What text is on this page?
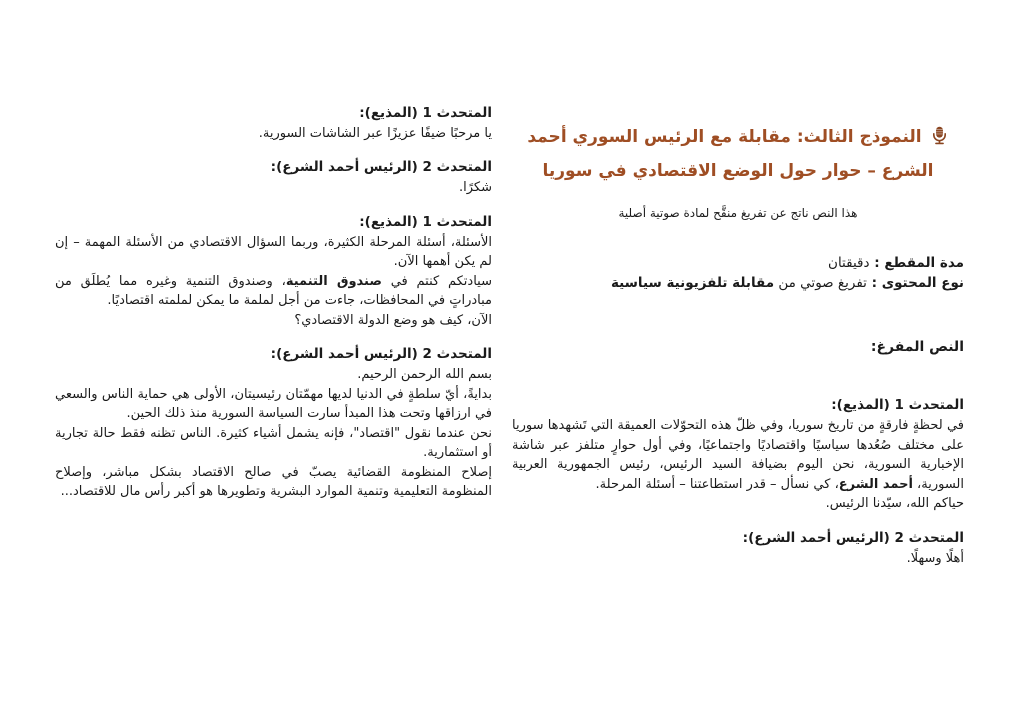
النموذج الثالث: مقابلة مع الرئيس السوري أحمد الشرع – حوار حول الوضع الاقتصادي في سوريا

هذا النص ناتج عن تفريغ منقَّح لمادة صوتية أصلية

مدة المقطع : دقيقتان

نوع المحتوى : تفريغ صوتي من مقابلة تلفزيونية سياسية

النص المفرغ:

المتحدث 1 (المذيع):

في لحظةٍ فارقةٍ من تاريخ سوريا، وفي ظلّ هذه التحوّلات العميقة التي تَشهدها سوريا على مختلف صُعُدها سياسيًا واقتصاديًا واجتماعيًا، وفي أول حوارٍ متلفز عبر شاشة الإخبارية السورية، نحن اليوم بضيافة السيد الرئيس، رئيس الجمهورية العربية السورية، أحمد الشرع، كي نسأل – قدر استطاعتنا – أسئلة المرحلة.

حياكم الله، سيّدنا الرئيس.

المتحدث 2 (الرئيس أحمد الشرع):

أهلًا وسهلًا.

المتحدث 1 (المذيع):

يا مرحبًا ضيفًا عزيزًا عبر الشاشات السورية.

المتحدث 2 (الرئيس أحمد الشرع):

شكرًا.

المتحدث 1 (المذيع):

الأسئلة، أسئلة المرحلة الكثيرة، وربما السؤال الاقتصادي من الأسئلة المهمة – إن لم يكن أهمها الآن.

سيادتكم كنتم في صندوق التنمية، وصندوق التنمية وغيره مما يُطلَق من مبادراتٍ في المحافظات، جاءت من أجل لملمة ما يمكن لملمته اقتصاديًا.

الآن، كيف هو وضع الدولة الاقتصادي؟

المتحدث 2 (الرئيس أحمد الشرع):

بسم الله الرحمن الرحيم.

بدايةً، أيّ سلطةٍ في الدنيا لديها مهمّتان رئيسيتان، الأولى هي حماية الناس والسعي في ارزاقها وتحت هذا المبدأ سارت السياسة السورية منذ ذلك الحين.

نحن عندما نقول "اقتصاد"، فإنه يشمل أشياء كثيرة. الناس تظنه فقط حالة تجارية أو استثمارية.

إصلاح المنظومة القضائية يصبّ في صالح الاقتصاد بشكل مباشر، وإصلاح المنظومة التعليمية وتنمية الموارد البشرية وتطويرها هو أكبر رأس مال للاقتصاد...
